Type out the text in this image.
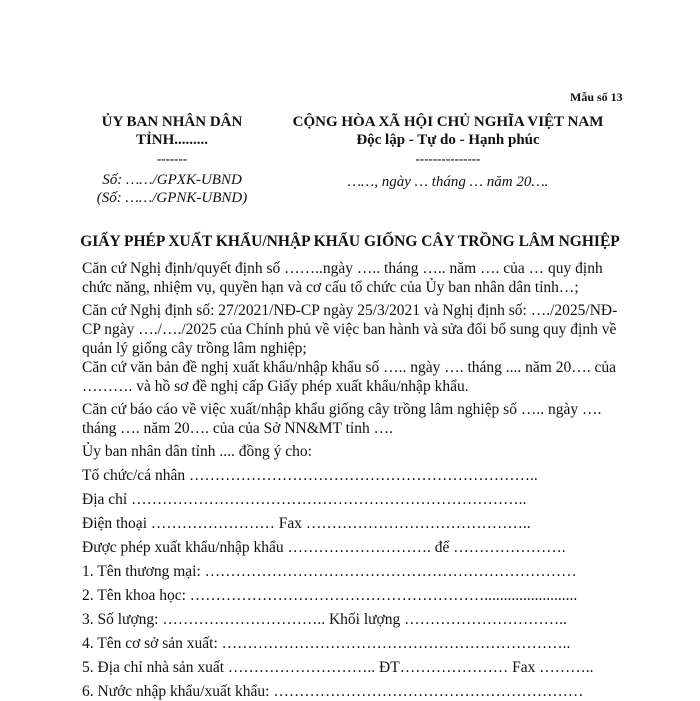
Mẫu số 13
ỦY BAN NHÂN DÂN
TỈNH.........
-------
Số: ……/GPXK-UBND
(Số: ……/GPNK-UBND)
CỘNG HÒA XÃ HỘI CHỦ NGHĨA VIỆT NAM
Độc lập - Tự do - Hạnh phúc
---------------
……, ngày … tháng … năm 20….
GIẤY PHÉP XUẤT KHẨU/NHẬP KHẨU GIỐNG CÂY TRỒNG LÂM NGHIỆP
Căn cứ Nghị định/quyết định số ……..ngày ….. tháng ….. năm …. của … quy định chức năng, nhiệm vụ, quyền hạn và cơ cấu tổ chức của Ủy ban nhân dân tỉnh…;
Căn cứ Nghị định số: 27/2021/NĐ-CP ngày 25/3/2021 và Nghị định số: …./2025/NĐ-CP ngày …./…./2025 của Chính phủ về việc ban hành và sửa đổi bổ sung quy định về quản lý giống cây trồng lâm nghiệp;
Căn cứ văn bản đề nghị xuất khẩu/nhập khẩu số ….. ngày …. tháng .... năm 20…. của ………. và hồ sơ đề nghị cấp Giấy phép xuất khẩu/nhập khẩu.
Căn cứ báo cáo về việc xuất/nhập khẩu giống cây trồng lâm nghiệp số ….. ngày …. tháng …. năm 20…. của của Sở NN&MT tỉnh ….
Ủy ban nhân dân tỉnh .... đồng ý cho:
Tổ chức/cá nhân …………………………………………………………..
Địa chỉ …………………………………………………………………..
Điện thoại …………………… Fax ……………………………………..
Được phép xuất khẩu/nhập khẩu ………………………. để ………………….
1. Tên thương mại: ………………………………………………………………
2. Tên khoa học: …………………………………………………........................
3. Số lượng: ………………………….. Khối lượng …………………………..
4. Tên cơ sở sản xuất: …………………………………………………………..
5. Địa chỉ nhà sản xuất ……………………….. ĐT………………… Fax ………..
6. Nước nhập khẩu/xuất khẩu: ……………………………………………………
